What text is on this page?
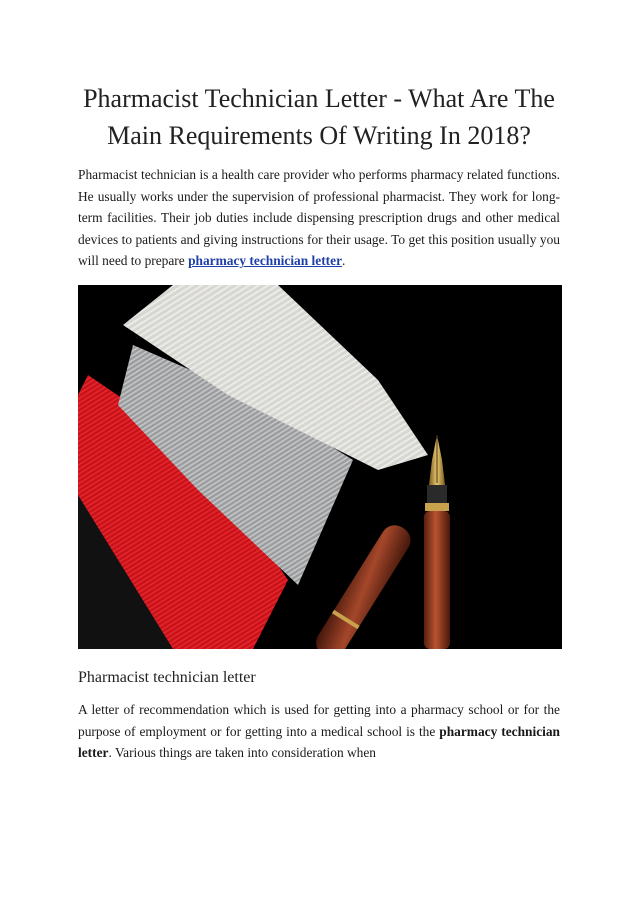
Pharmacist Technician Letter - What Are The Main Requirements Of Writing In 2018?

Pharmacist technician is a health care provider who performs pharmacy related functions. He usually works under the supervision of professional pharmacist. They work for long-term facilities. Their job duties include dispensing prescription drugs and other medical devices to patients and giving instructions for their usage. To get this position usually you will need to prepare pharmacy technician letter.

Pharmacist technician letter

A letter of recommendation which is used for getting into a pharmacy school or for the purpose of employment or for getting into a medical school is the pharmacy technician letter. Various things are taken into consideration when
